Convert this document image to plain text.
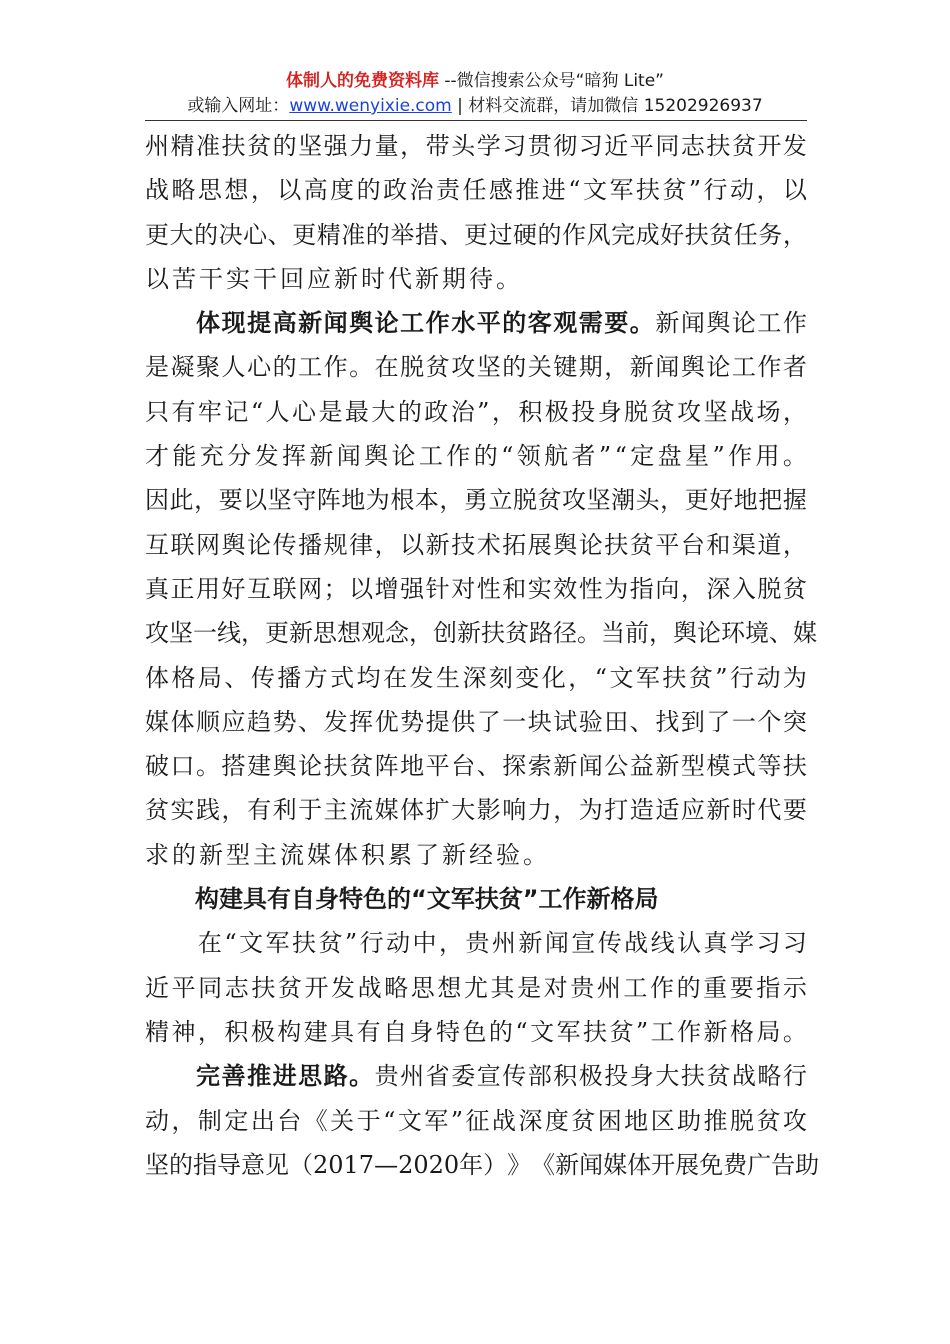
体制人的免费资料库 --微信搜索公众号“暗狗 Lite”
或输入网址：www.wenyixie.com | 材料交流群，请加微信 15202926937
州 精 准 扶 贫 的 坚 强 力 量 ， 带 头 学 习 贯 彻 习 近 平 同 志 扶 贫 开 发
战 略 思 想 ， 以 高 度 的 政 治 责 任 感 推 进 “ 文 军 扶 贫 ” 行 动 ， 以
更 大 的 决 心 、 更 精 准 的 举 措 、 更 过 硬 的 作 风 完 成 好 扶 贫 任 务 ，
以 苦 干 实 干 回 应 新 时 代 新 期 待 。

体 现 提 高 新 闻 舆 论 工 作 水 平 的 客 观 需 要 。 新 闻 舆 论 工 作
是 凝 聚 人 心 的 工 作 。 在 脱 贫 攻 坚 的 关 键 期 ， 新 闻 舆 论 工 作 者
只 有 牢 记 “ 人 心 是 最 大 的 政 治 ” ， 积 极 投 身 脱 贫 攻 坚 战 场 ，
才 能 充 分 发 挥 新 闻 舆 论 工 作 的 “ 领 航 者 ” “ 定 盘 星 ” 作 用 。
因 此 ， 要 以 坚 守 阵 地 为 根 本 ， 勇 立 脱 贫 攻 坚 潮 头 ， 更 好 地 把 握
互 联 网 舆 论 传 播 规 律 ， 以 新 技 术 拓 展 舆 论 扶 贫 平 台 和 渠 道 ，
真 正 用 好 互 联 网 ； 以 增 强 针 对 性 和 实 效 性 为 指 向 ， 深 入 脱 贫
攻 坚 一 线 ， 更 新 思 想 观 念 ， 创 新 扶 贫 路 径 。 当 前 ， 舆 论 环 境 、 媒
体 格 局 、 传 播 方 式 均 在 发 生 深 刻 变 化 ， “ 文 军 扶 贫 ” 行 动 为
媒 体 顺 应 趋 势 、 发 挥 优 势 提 供 了 一 块 试 验 田 、 找 到 了 一 个 突
破 口 。 搭 建 舆 论 扶 贫 阵 地 平 台 、 探 索 新 闻 公 益 新 型 模 式 等 扶
贫 实 践 ， 有 利 于 主 流 媒 体 扩 大 影 响 力 ， 为 打 造 适 应 新 时 代 要
求 的 新 型 主 流 媒 体 积 累 了 新 经 验 。
构建具有自身特色的“文军扶贫”工作新格局

在 “ 文 军 扶 贫 ” 行 动 中 ， 贵 州 新 闻 宣 传 战 线 认 真 学 习 习
近 平 同 志 扶 贫 开 发 战 略 思 想 尤 其 是 对 贵 州 工 作 的 重 要 指 示
精 神 ， 积 极 构 建 具 有 自 身 特 色 的 “ 文 军 扶 贫 ” 工 作 新 格 局 。

完 善 推 进 思 路 。 贵 州 省 委 宣 传 部 积 极 投 身 大 扶 贫 战 略 行
动 ， 制 定 出 台 《 关 于 “ 文 军 ” 征 战 深 度 贫 困 地 区 助 推 脱 贫 攻
坚 的 指 导 意 见 （ 2017 — 2020 年 ） 》 《 新 闻 媒 体 开 展 免 费 广 告 助
